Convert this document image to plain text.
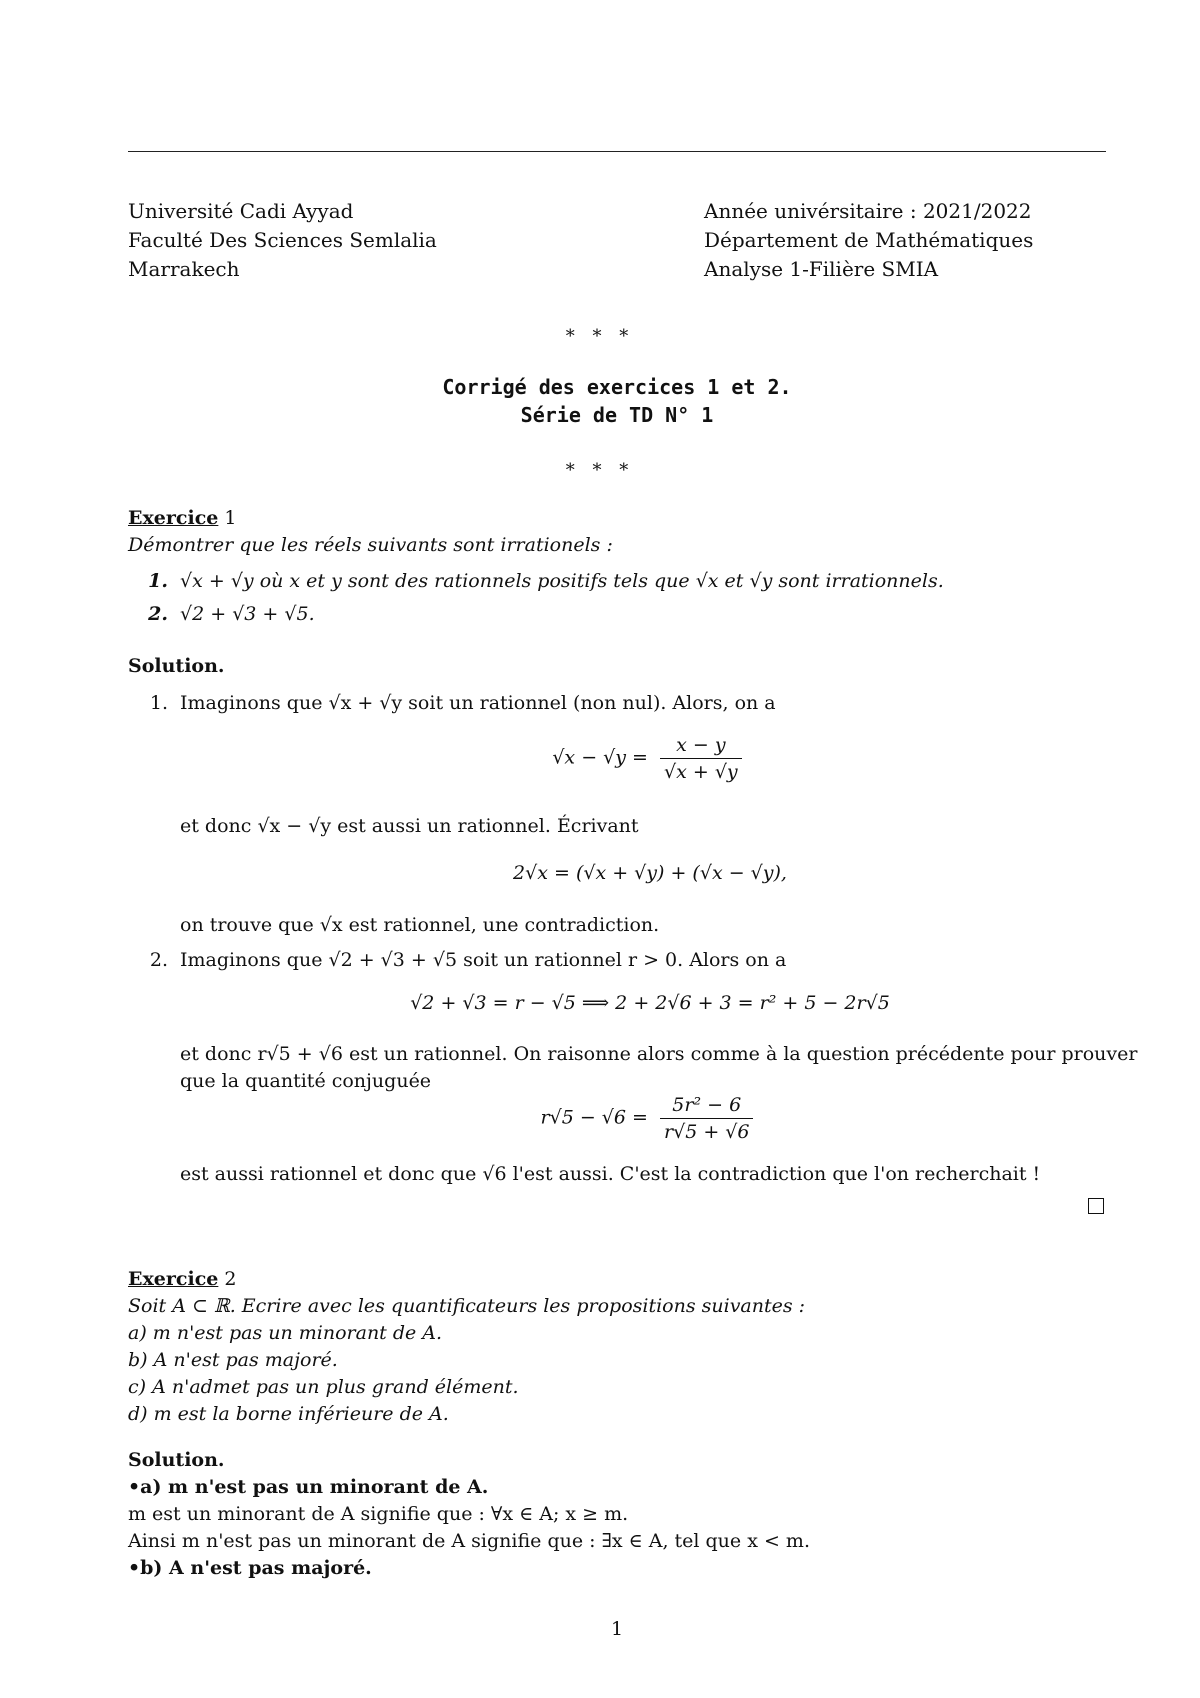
Université Cadi Ayyad
Faculté Des Sciences Semlalia
Marrakech
Année univérsitaire : 2021/2022
Département de Mathématiques
Analyse 1-Filière SMIA
* * *
Corrigé des exercices 1 et 2.
Série de TD N° 1
* * *
Exercice 1
Démontrer que les réels suivants sont irrationels :
1. √x + √y où x et y sont des rationnels positifs tels que √x et √y sont irrationnels.
2. √2 + √3 + √5.
Solution.
1. Imaginons que √x + √y soit un rationnel (non nul). Alors, on a
$√x - √y = \frac{x - y}{√x + √y}$
et donc √x − √y est aussi un rationnel. Écrivant
2√x = (√x + √y) + (√x − √y),
on trouve que √x est rationnel, une contradiction.
2. Imaginons que √2 + √3 + √5 soit un rationnel r > 0. Alors on a
√2 + √3 = r − √5 ⟹ 2 + 2√6 + 3 = r² + 5 − 2r√5
et donc r√5 + √6 est un rationnel. On raisonne alors comme à la question précédente pour prouver
que la quantité conjuguée
$r√5 - √6 = \frac{\text{5r² − 6}}{r√5 + √6}$
est aussi rationnel et donc que √6 l'est aussi. C'est la contradiction que l'on recherchait !
Exercice 2
Soit A ⊂ ℝ. Ecrire avec les quantificateurs les propositions suivantes :
a) m n'est pas un minorant de A.
b) A n'est pas majoré.
c) A n'admet pas un plus grand élément.
d) m est la borne inférieure de A.
Solution.
•a) m n'est pas un minorant de A.
m est un minorant de A signifie que : ∀x ∈ A; x ≥ m.
Ainsi m n'est pas un minorant de A signifie que : ∃x ∈ A, tel que x < m.
•b) A n'est pas majoré.
1
